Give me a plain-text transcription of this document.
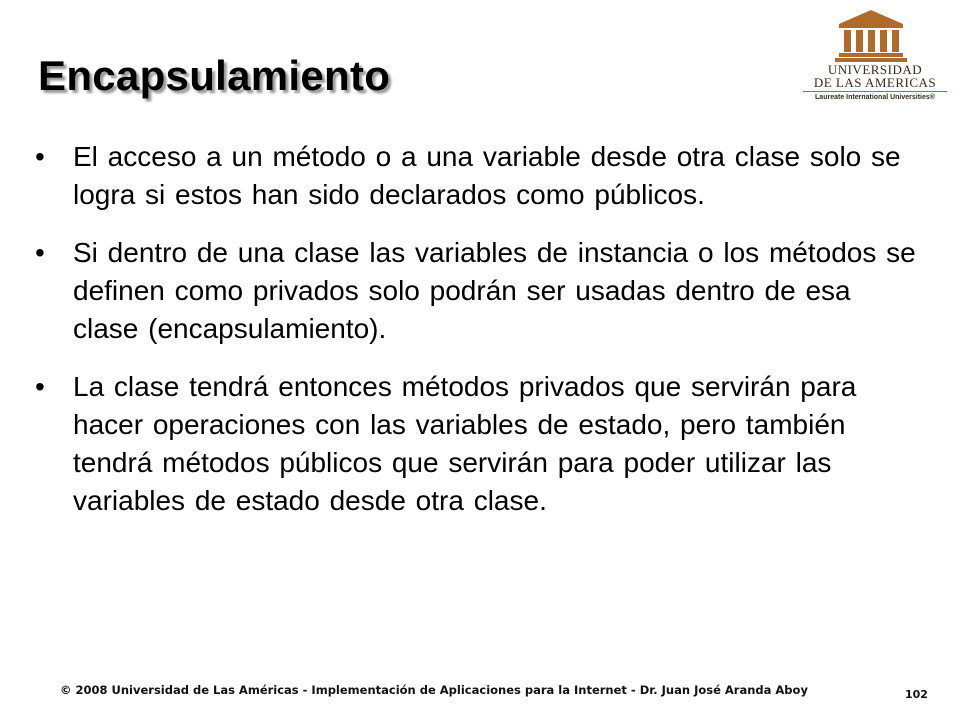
Encapsulamiento	UNIVERSIDAD
DE LAS AMERICAS
Laureate International Universities®
• El acceso a un método o a una variable desde otra clase solo se logra si estos han sido declarados como públicos.
• Si dentro de una clase las variables de instancia o los métodos se definen como privados solo podrán ser usadas dentro de esa clase (encapsulamiento).
• La clase tendrá entonces métodos privados que servirán para hacer operaciones con las variables de estado, pero también tendrá métodos públicos que servirán para poder utilizar las variables de estado desde otra clase.
© 2008 Universidad de Las Américas - Implementación de Aplicaciones para la Internet - Dr. Juan José Aranda Aboy	102
